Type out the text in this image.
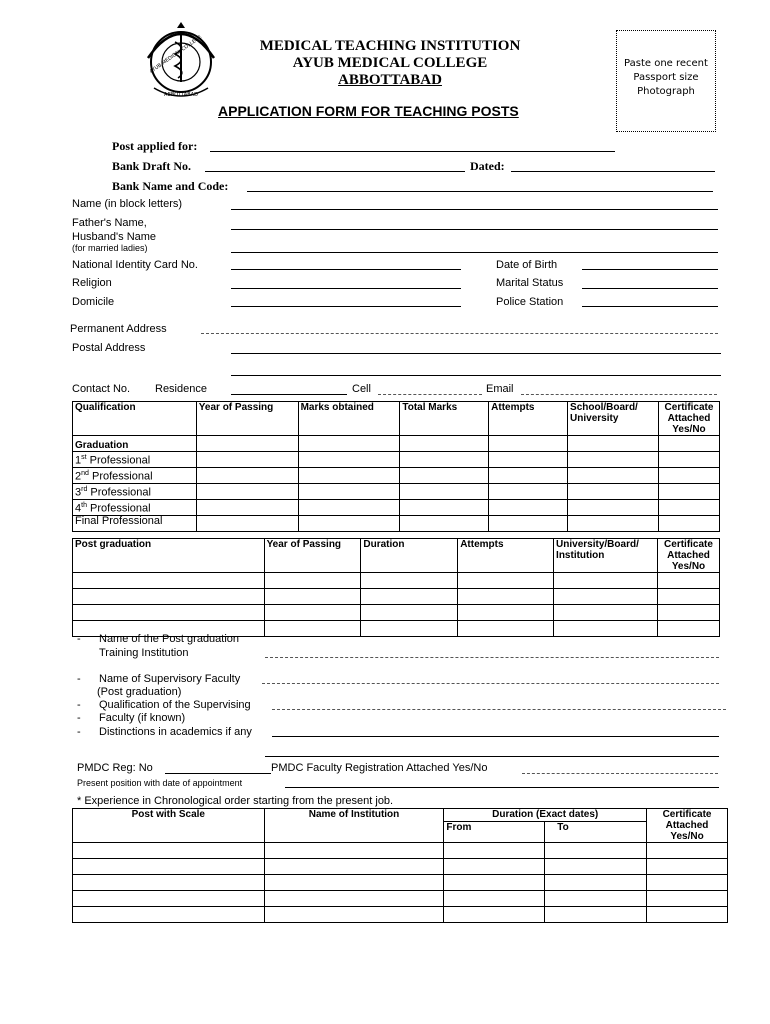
AYUB MEDICAL COLLEGE
ABBOTTABAD
MEDICAL TEACHING INSTITUTION
AYUB MEDICAL COLLEGE
ABBOTTABAD
APPLICATION FORM FOR TEACHING POSTS
Paste one recent
Passport size
Photograph
Post applied for:
Bank Draft No.	Dated:
Bank Name and Code:
Name (in block letters)
Father's Name,
Husband's Name
(for married ladies)
National Identity Card No.	Date of Birth
Religion	Marital Status
Domicile	Police Station
Permanent Address
Postal Address
Contact No. Residence	Cell	Email
Qualification	Year of Passing	Marks obtained	Total Marks	Attempts	School/Board/ University	Certificate Attached Yes/No
Graduation						
1st Professional						
2nd Professional						
3rd Professional						
4th Professional						
Final Professional						
Post graduation	Year of Passing	Duration	Attempts	University/Board/ Institution	Certificate Attached Yes/No

- Name of the Post graduation
Training Institution
- Name of Supervisory Faculty
(Post graduation)
- Qualification of the Supervising
- Faculty (if known)
- Distinctions in academics if any
PMDC Reg: No	PMDC Faculty Registration Attached Yes/No
Present position with date of appointment
* Experience in Chronological order starting from the present job.
Post with Scale	Name of Institution	Duration (Exact dates)		Certificate Attached Yes/No
		From	To	
